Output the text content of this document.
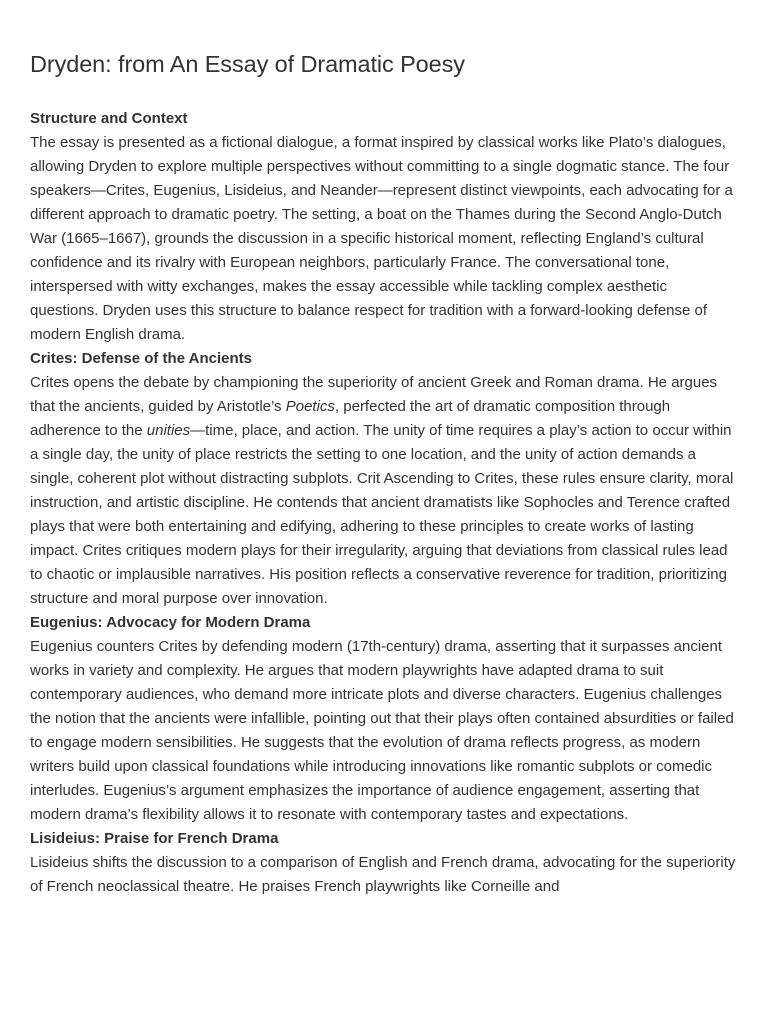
Dryden: from An Essay of Dramatic Poesy
Structure and Context

The essay is presented as a fictional dialogue, a format inspired by classical works like Plato’s dialogues, allowing Dryden to explore multiple perspectives without committing to a single dogmatic stance. The four speakers—Crites, Eugenius, Lisideius, and Neander—represent distinct viewpoints, each advocating for a different approach to dramatic poetry. The setting, a boat on the Thames during the Second Anglo-Dutch War (1665–1667), grounds the discussion in a specific historical moment, reflecting England’s cultural confidence and its rivalry with European neighbors, particularly France. The conversational tone, interspersed with witty exchanges, makes the essay accessible while tackling complex aesthetic questions. Dryden uses this structure to balance respect for tradition with a forward-looking defense of modern English drama.

Crites: Defense of the Ancients

Crites opens the debate by championing the superiority of ancient Greek and Roman drama. He argues that the ancients, guided by Aristotle’s Poetics, perfected the art of dramatic composition through adherence to the unities—time, place, and action. The unity of time requires a play’s action to occur within a single day, the unity of place restricts the setting to one location, and the unity of action demands a single, coherent plot without distracting subplots. Crit Ascending to Crites, these rules ensure clarity, moral instruction, and artistic discipline. He contends that ancient dramatists like Sophocles and Terence crafted plays that were both entertaining and edifying, adhering to these principles to create works of lasting impact. Crites critiques modern plays for their irregularity, arguing that deviations from classical rules lead to chaotic or implausible narratives. His position reflects a conservative reverence for tradition, prioritizing structure and moral purpose over innovation.

Eugenius: Advocacy for Modern Drama

Eugenius counters Crites by defending modern (17th-century) drama, asserting that it surpasses ancient works in variety and complexity. He argues that modern playwrights have adapted drama to suit contemporary audiences, who demand more intricate plots and diverse characters. Eugenius challenges the notion that the ancients were infallible, pointing out that their plays often contained absurdities or failed to engage modern sensibilities. He suggests that the evolution of drama reflects progress, as modern writers build upon classical foundations while introducing innovations like romantic subplots or comedic interludes. Eugenius’s argument emphasizes the importance of audience engagement, asserting that modern drama’s flexibility allows it to resonate with contemporary tastes and expectations.

Lisideius: Praise for French Drama

Lisideius shifts the discussion to a comparison of English and French drama, advocating for the superiority of French neoclassical theatre. He praises French playwrights like Corneille and
